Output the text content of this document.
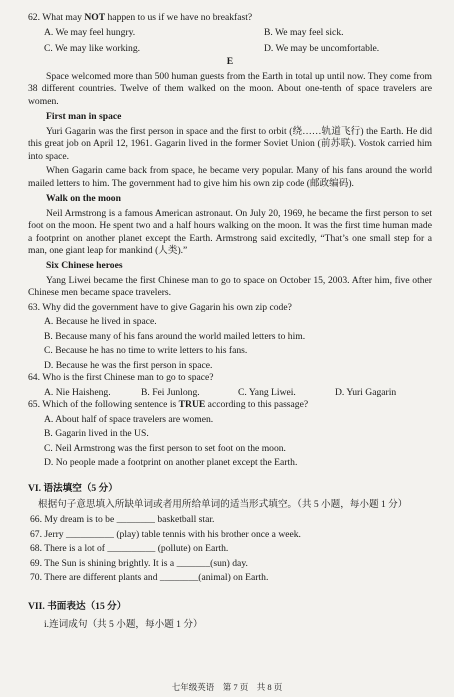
62. What may NOT happen to us if we have no breakfast?

A. We may feel hungry.	B. We may feel sick.
C. We may like working.	D. We may be uncomfortable.
E

Space welcomed more than 500 human guests from the Earth in total up until now. They come from 38 different countries. Twelve of them walked on the moon. About one-tenth of space travelers are women.

First man in space

Yuri Gagarin was the first person in space and the first to orbit (绕……轨道飞行) the Earth. He did this great job on April 12, 1961. Gagarin lived in the former Soviet Union (前苏联). Vostok carried him into space.

When Gagarin came back from space, he became very popular. Many of his fans around the world mailed letters to him. The government had to give him his own zip code (邮政编码).

Walk on the moon

Neil Armstrong is a famous American astronaut. On July 20, 1969, he became the first person to set foot on the moon. He spent two and a half hours walking on the moon. It was the first time human made a footprint on another planet except the Earth. Armstrong said excitedly, “That’s one small step for a man, one giant leap for mankind (人类).”

Six Chinese heroes

Yang Liwei became the first Chinese man to go to space on October 15, 2003. After him, five other Chinese men became space travelers.

63. Why did the government have to give Gagarin his own zip code?

A. Because he lived in space.
B. Because many of his fans around the world mailed letters to him.
C. Because he has no time to write letters to his fans.
D. Because he was the first person in space.

64. Who is the first Chinese man to go to space?

A. Nie Haisheng.	B. Fei Junlong.	C. Yang Liwei.	D. Yuri Gagarin

65. Which of the following sentence is TRUE according to this passage?

A. About half of space travelers are women.
B. Gagarin lived in the US.
C. Neil Armstrong was the first person to set foot on the moon.
D. No people made a footprint on another planet except the Earth.
VI. 语法填空（5 分）
根据句子意思填入所缺单词或者用所给单词的适当形式填空。（共 5 小题，每小题 1 分）
66. My dream is to be ________ basketball star.
67. Jerry __________ (play) table tennis with his brother once a week.
68. There is a lot of __________ (pollute) on Earth.
69. The Sun is shining brightly. It is a _______(sun) day.
70. There are different plants and ________(animal) on Earth.
VII. 书面表达（15 分）
i.连词成句（共 5 小题，每小题 1 分）
七年级英语　第 7 页　共 8 页
